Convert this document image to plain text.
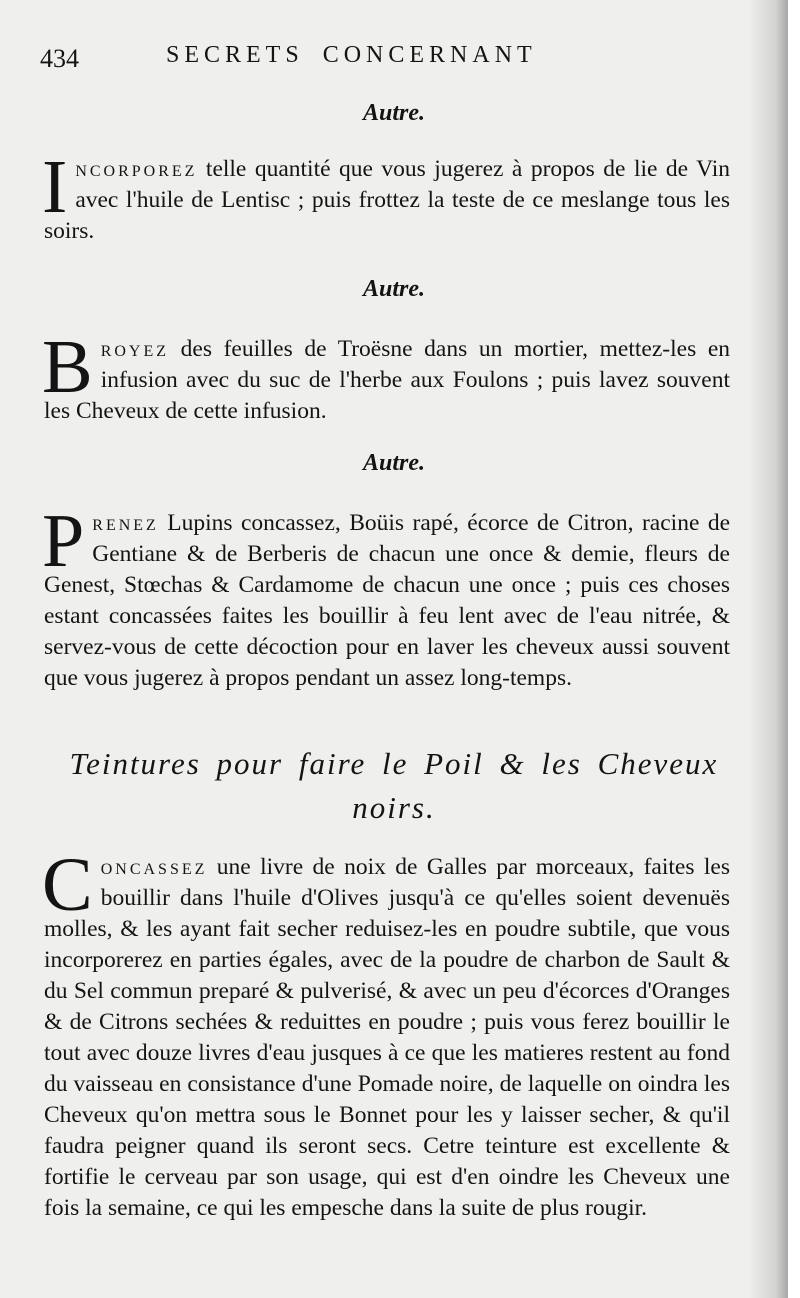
434	SECRETS CONCERNANT
Autre.
I ncorporez telle quantité que vous jugerez à propos de lie de Vin avec l'huile de Lentisc ; puis frottez la teste de ce meslange tous les soirs.
Autre.
B royez des feuilles de Troësne dans un mortier, mettez-les en infusion avec du suc de l'herbe aux Foulons ; puis lavez souvent les Cheveux de cette infusion.
Autre.
P renez Lupins concassez, Boüis rapé, écorce de Citron, racine de Gentiane & de Berberis de chacun une once & demie, fleurs de Genest, Stœchas & Cardamome de chacun une once ; puis ces choses estant concassées faites les bouillir à feu lent avec de l'eau nitrée, & servez-vous de cette décoction pour en laver les cheveux aussi souvent que vous jugerez à propos pendant un assez long-temps.
Teintures pour faire le Poil & les Cheveux noirs.
C oncassez une livre de noix de Galles par morceaux, faites les bouillir dans l'huile d'Olives jusqu'à ce qu'elles soient devenuës molles, & les ayant fait secher reduisez-les en poudre subtile, que vous incorporerez en parties égales, avec de la poudre de charbon de Sault & du Sel commun preparé & pulverisé, & avec un peu d'écorces d'Oranges & de Citrons sechées & reduittes en poudre ; puis vous ferez bouillir le tout avec douze livres d'eau jusques à ce que les matieres restent au fond du vaisseau en consistance d'une Pomade noire, de laquelle on oindra les Cheveux qu'on mettra sous le Bonnet pour les y laisser secher, & qu'il faudra peigner quand ils seront secs. Cetre teinture est excellente & fortifie le cerveau par son usage, qui est d'en oindre les Cheveux une fois la semaine, ce qui les empesche dans la suite de plus rougir.
